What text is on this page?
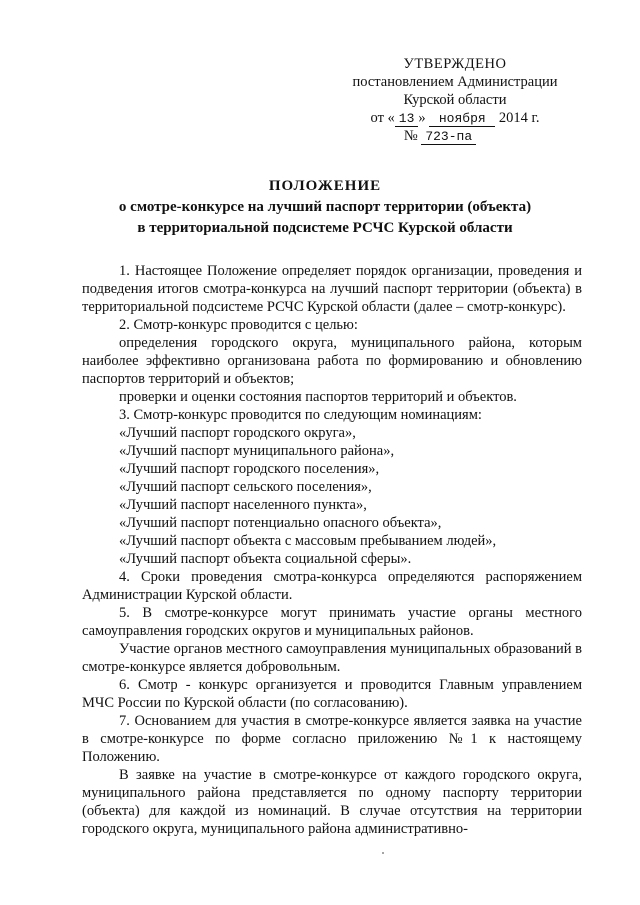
УТВЕРЖДЕНО
постановлением Администрации
Курской области
от « 13 » ноября 2014 г.
№ 723-па
ПОЛОЖЕНИЕ
о смотре-конкурсе на лучший паспорт территории (объекта)
в территориальной подсистеме РСЧС Курской области

1. Настоящее Положение определяет порядок организации, проведения и подведения итогов смотра-конкурса на лучший паспорт территории (объекта) в территориальной подсистеме РСЧС Курской области (далее – смотр-конкурс).

2. Смотр-конкурс проводится с целью:

определения городского округа, муниципального района, которым наиболее эффективно организована работа по формированию и обновлению паспортов территорий и объектов;

проверки и оценки состояния паспортов территорий и объектов.

3. Смотр-конкурс проводится по следующим номинациям:

«Лучший паспорт городского округа»,

«Лучший паспорт муниципального района»,

«Лучший паспорт городского поселения»,

«Лучший паспорт сельского поселения»,

«Лучший паспорт населенного пункта»,

«Лучший паспорт потенциально опасного объекта»,

«Лучший паспорт объекта с массовым пребыванием людей»,

«Лучший паспорт объекта социальной сферы».

4. Сроки проведения смотра-конкурса определяются распоряжением Администрации Курской области.

5. В смотре-конкурсе могут принимать участие органы местного самоуправления городских округов и муниципальных районов.

Участие органов местного самоуправления муниципальных образований в смотре-конкурсе является добровольным.

6. Смотр - конкурс организуется и проводится Главным управлением МЧС России по Курской области (по согласованию).

7. Основанием для участия в смотре-конкурсе является заявка на участие в смотре-конкурсе по форме согласно приложению №1 к настоящему Положению.

В заявке на участие в смотре-конкурсе от каждого городского округа, муниципального района представляется по одному паспорту территории (объекта) для каждой из номинаций. В случае отсутствия на территории городского округа, муниципального района административно-
